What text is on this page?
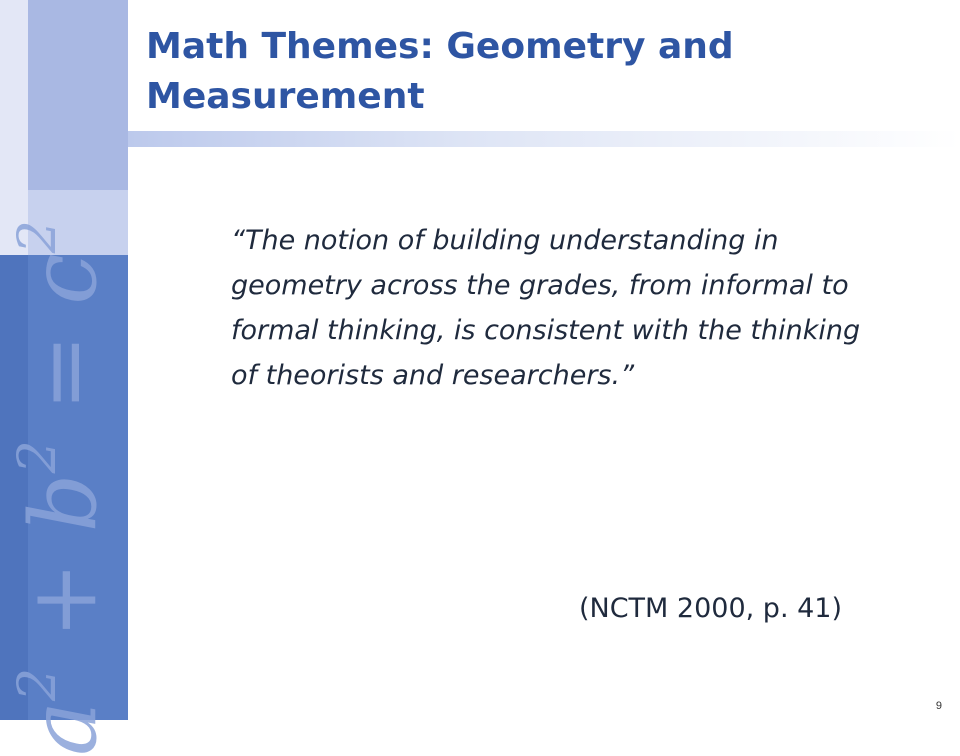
$a^2 + b^2 = c^2$
Math Themes: Geometry and Measurement

“The notion of building understanding in geometry across the grades, from informal to formal thinking, is consistent with the thinking of theorists and researchers.”

(NCTM 2000, p. 41)

9
